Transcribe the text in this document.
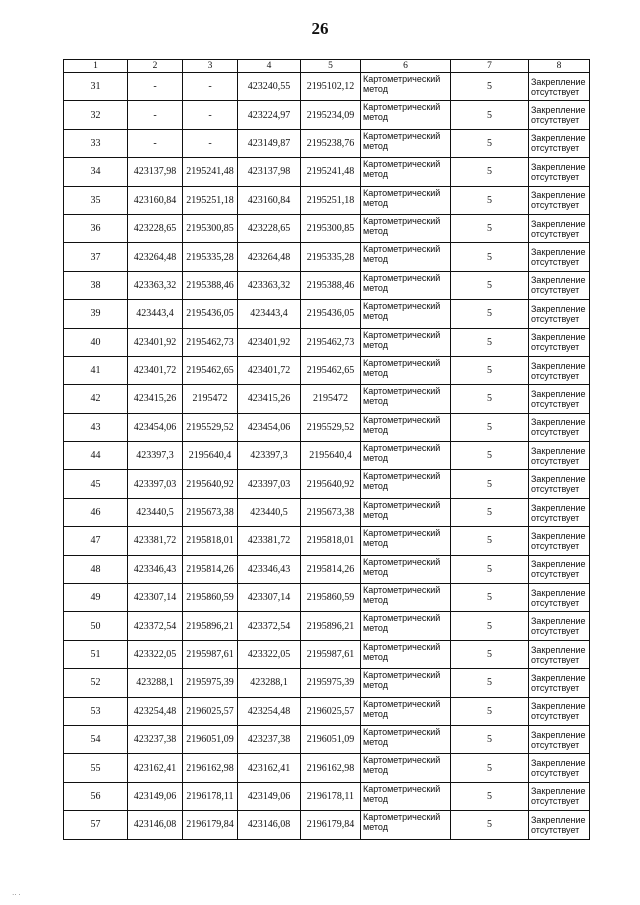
26
1	2	3	4	5	6	7	8
31	-	-	423240,55	2195102,12	Картометрический метод	5	Закрепление отсутствует
32	-	-	423224,97	2195234,09	Картометрический метод	5	Закрепление отсутствует
33	-	-	423149,87	2195238,76	Картометрический метод	5	Закрепление отсутствует
34	423137,98	2195241,48	423137,98	2195241,48	Картометрический метод	5	Закрепление отсутствует
35	423160,84	2195251,18	423160,84	2195251,18	Картометрический метод	5	Закрепление отсутствует
36	423228,65	2195300,85	423228,65	2195300,85	Картометрический метод	5	Закрепление отсутствует
37	423264,48	2195335,28	423264,48	2195335,28	Картометрический метод	5	Закрепление отсутствует
38	423363,32	2195388,46	423363,32	2195388,46	Картометрический метод	5	Закрепление отсутствует
39	423443,4	2195436,05	423443,4	2195436,05	Картометрический метод	5	Закрепление отсутствует
40	423401,92	2195462,73	423401,92	2195462,73	Картометрический метод	5	Закрепление отсутствует
41	423401,72	2195462,65	423401,72	2195462,65	Картометрический метод	5	Закрепление отсутствует
42	423415,26	2195472	423415,26	2195472	Картометрический метод	5	Закрепление отсутствует
43	423454,06	2195529,52	423454,06	2195529,52	Картометрический метод	5	Закрепление отсутствует
44	423397,3	2195640,4	423397,3	2195640,4	Картометрический метод	5	Закрепление отсутствует
45	423397,03	2195640,92	423397,03	2195640,92	Картометрический метод	5	Закрепление отсутствует
46	423440,5	2195673,38	423440,5	2195673,38	Картометрический метод	5	Закрепление отсутствует
47	423381,72	2195818,01	423381,72	2195818,01	Картометрический метод	5	Закрепление отсутствует
48	423346,43	2195814,26	423346,43	2195814,26	Картометрический метод	5	Закрепление отсутствует
49	423307,14	2195860,59	423307,14	2195860,59	Картометрический метод	5	Закрепление отсутствует
50	423372,54	2195896,21	423372,54	2195896,21	Картометрический метод	5	Закрепление отсутствует
51	423322,05	2195987,61	423322,05	2195987,61	Картометрический метод	5	Закрепление отсутствует
52	423288,1	2195975,39	423288,1	2195975,39	Картометрический метод	5	Закрепление отсутствует
53	423254,48	2196025,57	423254,48	2196025,57	Картометрический метод	5	Закрепление отсутствует
54	423237,38	2196051,09	423237,38	2196051,09	Картометрический метод	5	Закрепление отсутствует
55	423162,41	2196162,98	423162,41	2196162,98	Картометрический метод	5	Закрепление отсутствует
56	423149,06	2196178,11	423149,06	2196178,11	Картометрический метод	5	Закрепление отсутствует
57	423146,08	2196179,84	423146,08	2196179,84	Картометрический метод	5	Закрепление отсутствует
·· ·
